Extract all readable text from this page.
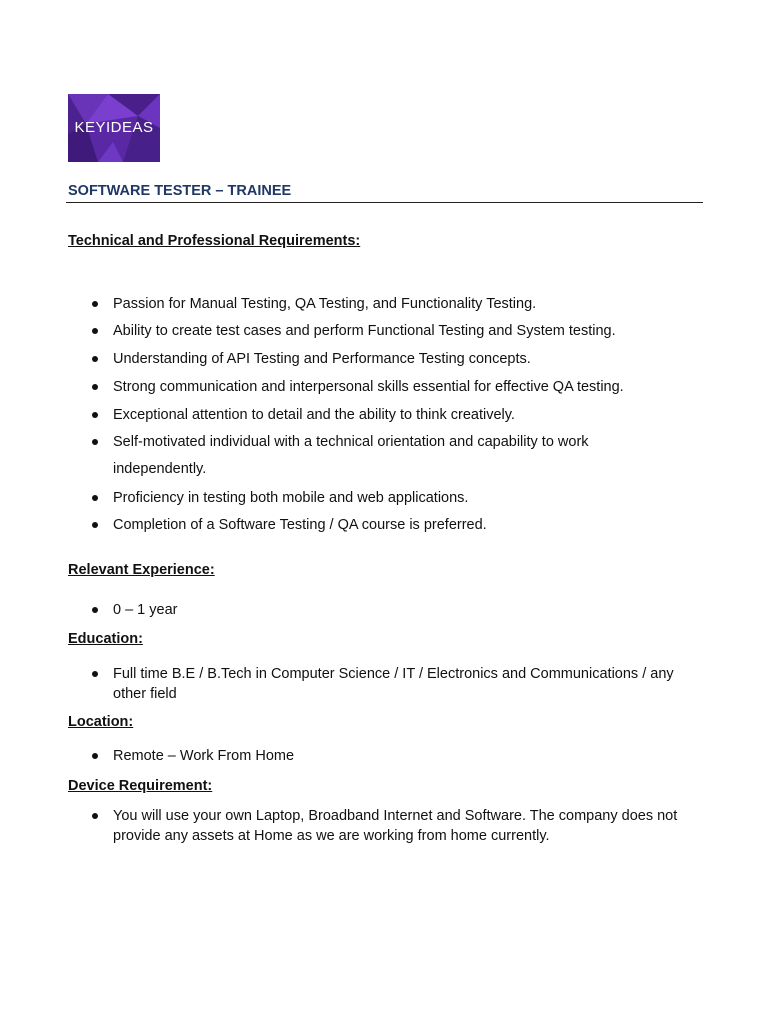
KEYIDEAS
SOFTWARE TESTER – TRAINEE
Technical and Professional Requirements:
Passion for Manual Testing, QA Testing, and Functionality Testing.
Ability to create test cases and perform Functional Testing and System testing.
Understanding of API Testing and Performance Testing concepts.
Strong communication and interpersonal skills essential for effective QA testing.
Exceptional attention to detail and the ability to think creatively.
Self-motivated individual with a technical orientation and capability to work independently.
Proficiency in testing both mobile and web applications.
Completion of a Software Testing / QA course is preferred.
Relevant Experience:
0 – 1 year
Education:
Full time B.E / B.Tech in Computer Science / IT / Electronics and Communications / any other field
Location:
Remote – Work From Home
Device Requirement:
You will use your own Laptop, Broadband Internet and Software. The company does not provide any assets at Home as we are working from home currently.
